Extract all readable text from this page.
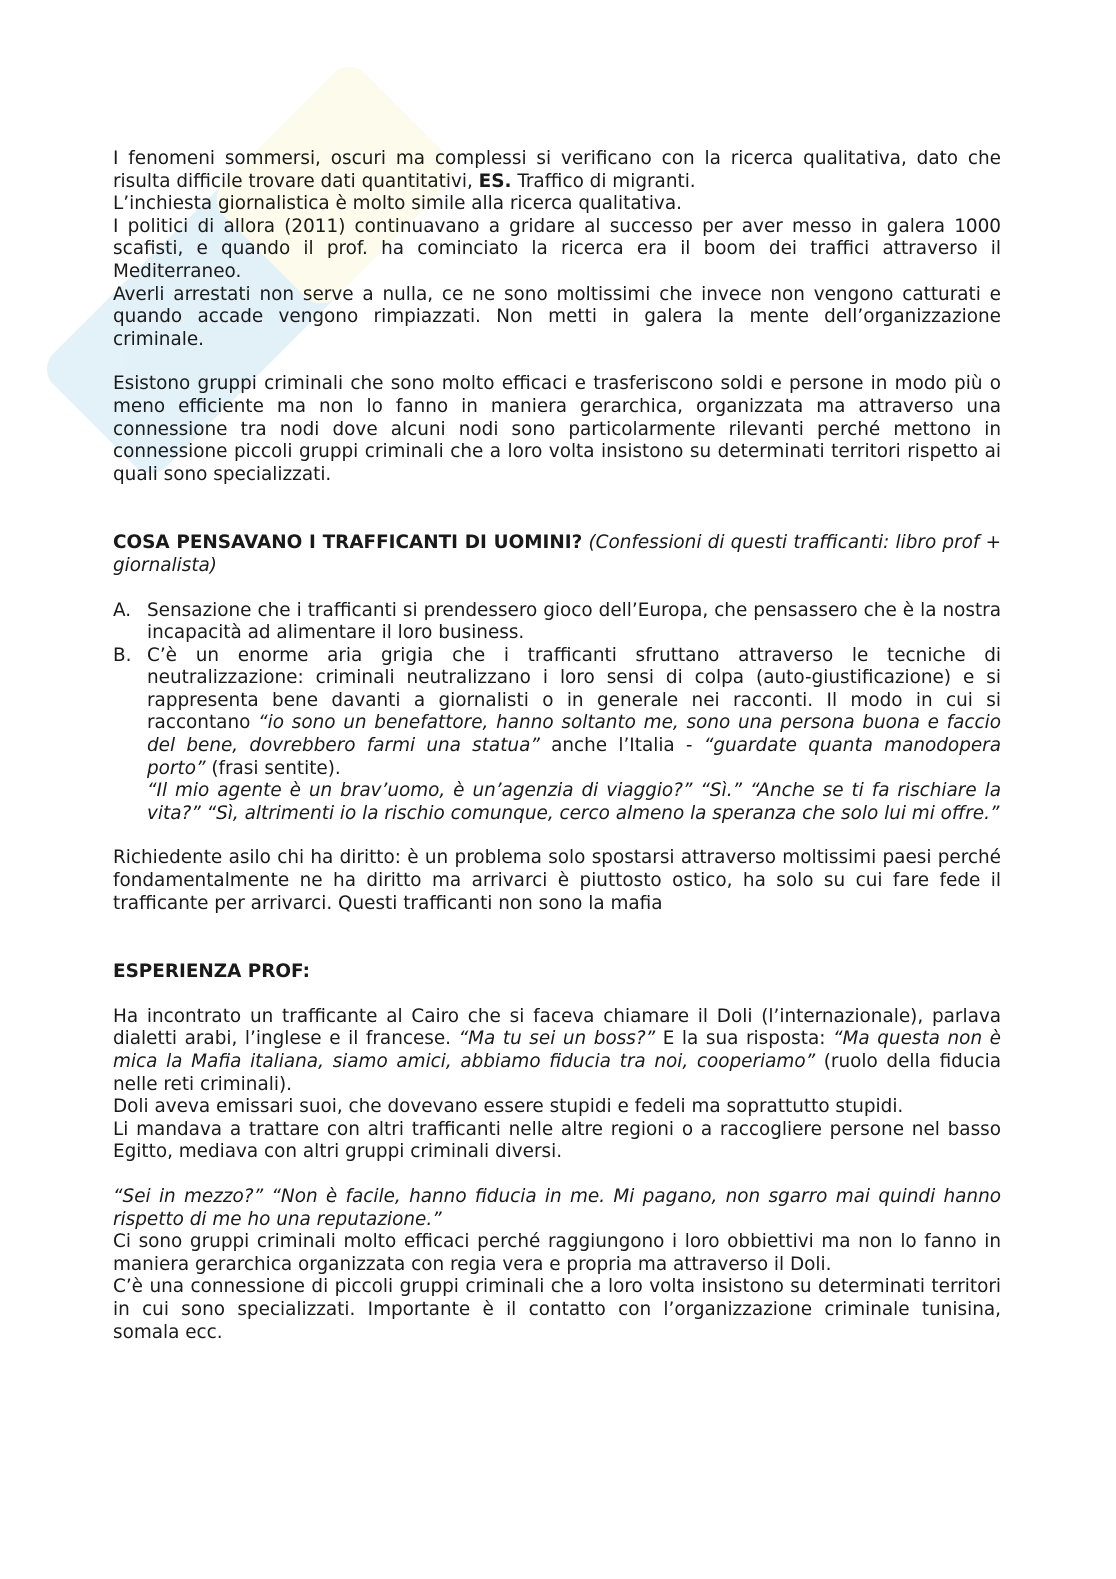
I fenomeni sommersi, oscuri ma complessi si verificano con la ricerca qualitativa, dato che risulta difficile trovare dati quantitativi, ES. Traffico di migranti.

L’inchiesta giornalistica è molto simile alla ricerca qualitativa.

I politici di allora (2011) continuavano a gridare al successo per aver messo in galera 1000 scafisti, e quando il prof. ha cominciato la ricerca era il boom dei traffici attraverso il Mediterraneo.

Averli arrestati non serve a nulla, ce ne sono moltissimi che invece non vengono catturati e quando accade vengono rimpiazzati. Non metti in galera la mente dell’organizzazione criminale.

Esistono gruppi criminali che sono molto efficaci e trasferiscono soldi e persone in modo più o meno efficiente ma non lo fanno in maniera gerarchica, organizzata ma attraverso una connessione tra nodi dove alcuni nodi sono particolarmente rilevanti perché mettono in connessione piccoli gruppi criminali che a loro volta insistono su determinati territori rispetto ai quali sono specializzati.

COSA PENSAVANO I TRAFFICANTI DI UOMINI? (Confessioni di questi trafficanti: libro prof + giornalista)

A. Sensazione che i trafficanti si prendessero gioco dell’Europa, che pensassero che è la nostra incapacità ad alimentare il loro business.
B. C’è un enorme aria grigia che i trafficanti sfruttano attraverso le tecniche di neutralizzazione: criminali neutralizzano i loro sensi di colpa (auto-giustificazione) e si rappresenta bene davanti a giornalisti o in generale nei racconti. Il modo in cui si raccontano “io sono un benefattore, hanno soltanto me, sono una persona buona e faccio del bene, dovrebbero farmi una statua” anche l’Italia - “guardate quanta manodopera porto” (frasi sentite).
“Il mio agente è un brav’uomo, è un’agenzia di viaggio?” “Sì.” “Anche se ti fa rischiare la vita?” “Sì, altrimenti io la rischio comunque, cerco almeno la speranza che solo lui mi offre.”

Richiedente asilo chi ha diritto: è un problema solo spostarsi attraverso moltissimi paesi perché fondamentalmente ne ha diritto ma arrivarci è piuttosto ostico, ha solo su cui fare fede il trafficante per arrivarci. Questi trafficanti non sono la mafia

ESPERIENZA PROF:

Ha incontrato un trafficante al Cairo che si faceva chiamare il Doli (l’internazionale), parlava dialetti arabi, l’inglese e il francese. “Ma tu sei un boss?” E la sua risposta: “Ma questa non è mica la Mafia italiana, siamo amici, abbiamo fiducia tra noi, cooperiamo” (ruolo della fiducia nelle reti criminali).

Doli aveva emissari suoi, che dovevano essere stupidi e fedeli ma soprattutto stupidi.

Li mandava a trattare con altri trafficanti nelle altre regioni o a raccogliere persone nel basso Egitto, mediava con altri gruppi criminali diversi.

“Sei in mezzo?” “Non è facile, hanno fiducia in me. Mi pagano, non sgarro mai quindi hanno rispetto di me ho una reputazione.”

Ci sono gruppi criminali molto efficaci perché raggiungono i loro obbiettivi ma non lo fanno in maniera gerarchica organizzata con regia vera e propria ma attraverso il Doli.

C’è una connessione di piccoli gruppi criminali che a loro volta insistono su determinati territori in cui sono specializzati. Importante è il contatto con l’organizzazione criminale tunisina, somala ecc.
